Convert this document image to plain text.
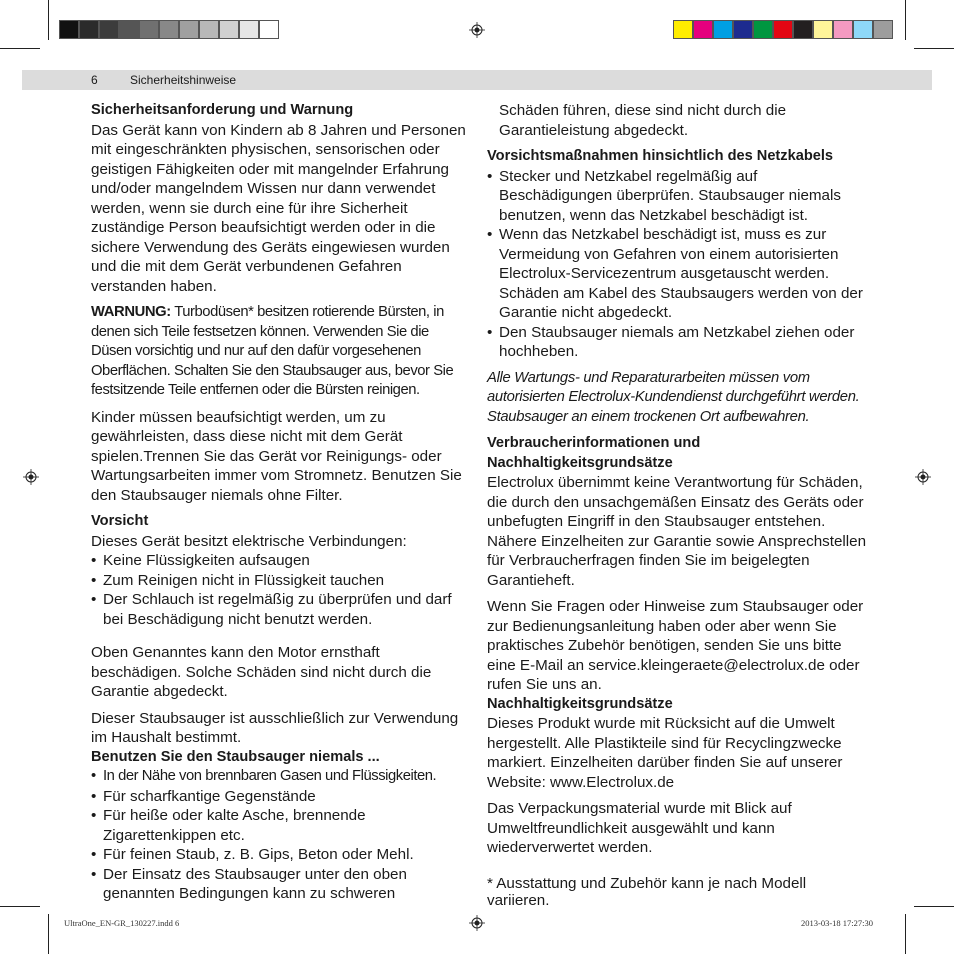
6	Sicherheitshinweise
Sicherheitsanforderung und Warnung

Das Gerät kann von Kindern ab 8 Jahren und Personen mit eingeschränkten physischen, sensorischen oder geistigen Fähigkeiten oder mit mangelnder Erfahrung und/oder mangelndem Wissen nur dann verwendet werden, wenn sie durch eine für ihre Sicherheit zuständige Person beaufsichtigt werden oder in die sichere Verwendung des Geräts eingewiesen wurden und die mit dem Gerät verbundenen Gefahren verstanden haben.

WARNUNG: Turbodüsen* besitzen rotierende Bürsten, in denen sich Teile festsetzen können. Verwenden Sie die Düsen vorsichtig und nur auf den dafür vorgesehenen Oberflächen. Schalten Sie den Staubsauger aus, bevor Sie festsitzende Teile entfernen oder die Bürsten reinigen.

Kinder müssen beaufsichtigt werden, um zu gewährleisten, dass diese nicht mit dem Gerät spielen.Trennen Sie das Gerät vor Reinigungs- oder Wartungsarbeiten immer vom Stromnetz. Benutzen Sie den Staubsauger niemals ohne Filter.

Vorsicht
Dieses Gerät besitzt elektrische Verbindungen:
• Keine Flüssigkeiten aufsaugen
• Zum Reinigen nicht in Flüssigkeit tauchen
• Der Schlauch ist regelmäßig zu überprüfen und darf bei Beschädigung nicht benutzt werden.

Oben Genanntes kann den Motor ernsthaft beschädigen. Solche Schäden sind nicht durch die Garantie abgedeckt.

Dieser Staubsauger ist ausschließlich zur Verwendung im Haushalt bestimmt.

Benutzen Sie den Staubsauger niemals ...
• In der Nähe von brennbaren Gasen und Flüssigkeiten.
• Für scharfkantige Gegenstände
• Für heiße oder kalte Asche, brennende Zigarettenkippen etc.
• Für feinen Staub, z. B. Gips, Beton oder Mehl.
• Der Einsatz des Staubsauger unter den oben genannten Bedingungen kann zu schweren

Schäden führen, diese sind nicht durch die Garantieleistung abgedeckt.

Vorsichtsmaßnahmen hinsichtlich des Netzkabels
• Stecker und Netzkabel regelmäßig auf Beschädigungen überprüfen. Staubsauger niemals benutzen, wenn das Netzkabel beschädigt ist.
• Wenn das Netzkabel beschädigt ist, muss es zur Vermeidung von Gefahren von einem autorisierten Electrolux-Servicezentrum ausgetauscht werden. Schäden am Kabel des Staubsaugers werden von der Garantie nicht abgedeckt.
• Den Staubsauger niemals am Netzkabel ziehen oder hochheben.

Alle Wartungs- und Reparaturarbeiten müssen vom autorisierten Electrolux-Kundendienst durchgeführt werden. Staubsauger an einem trockenen Ort aufbewahren.

Verbraucherinformationen und Nachhaltigkeitsgrundsätze

Electrolux übernimmt keine Verantwortung für Schäden, die durch den unsachgemäßen Einsatz des Geräts oder unbefugten Eingriff in den Staubsauger entstehen. Nähere Einzelheiten zur Garantie sowie Ansprechstellen für Verbraucherfragen finden Sie im beigelegten Garantieheft.

Wenn Sie Fragen oder Hinweise zum Staubsauger oder zur Bedienungsanleitung haben oder aber wenn Sie praktisches Zubehör benötigen, senden Sie uns bitte eine E-Mail an service.kleingeraete@electrolux.de oder rufen Sie uns an.

Nachhaltigkeitsgrundsätze

Dieses Produkt wurde mit Rücksicht auf die Umwelt hergestellt. Alle Plastikteile sind für Recyclingzwecke markiert. Einzelheiten darüber finden Sie auf unserer Website: www.Electrolux.de

Das Verpackungsmaterial wurde mit Blick auf Umweltfreundlichkeit ausgewählt und kann wiederverwertet werden.

* Ausstattung und Zubehör kann je nach Modell variieren.

UltraOne_EN-GR_130227.indd 6	2013-03-18 17:27:30
